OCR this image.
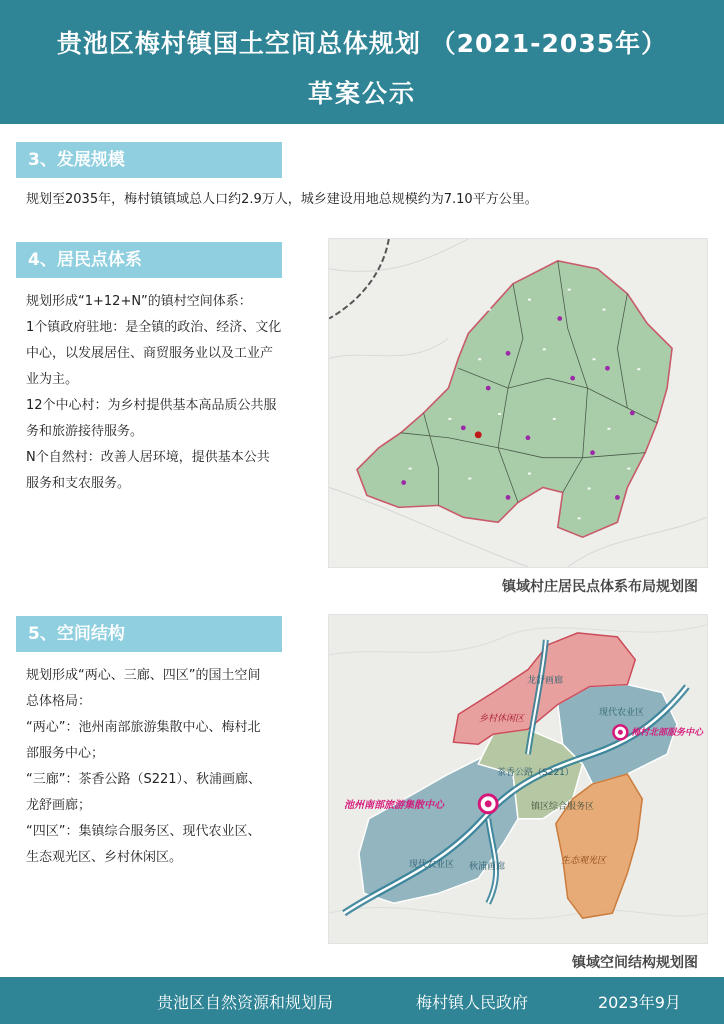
贵池区梅村镇国土空间总体规划 （2021-2035年）
草案公示
3、发展规模
规划至2035年，梅村镇镇域总人口约2.9万人，城乡建设用地总规模约为7.10平方公里。
4、居民点体系
规划形成“1+12+N”的镇村空间体系：
1个镇政府驻地：是全镇的政治、经济、文化
中心，以发展居住、商贸服务业以及工业产
业为主。
12个中心村：为乡村提供基本高品质公共服
务和旅游接待服务。
N个自然村：改善人居环境，提供基本公共
服务和支农服务。
镇域村庄居民点体系布局规划图
5、空间结构
规划形成“两心、三廊、四区”的国土空间
总体格局：
“两心”：池州南部旅游集散中心、梅村北
部服务中心；
“三廊”：茶香公路（S221）、秋浦画廊、
龙舒画廊；
“四区”：集镇综合服务区、现代农业区、
生态观光区、乡村休闲区。
龙舒画廊
乡村休闲区
现代农业区
梅村北部服务中心
茶香公路（S221）
池州南部旅游集散中心	镇区综合服务区
现代农业区 秋浦画廊
生态观光区
镇域空间结构规划图
贵池区自然资源和规划局	梅村镇人民政府	2023年9月
